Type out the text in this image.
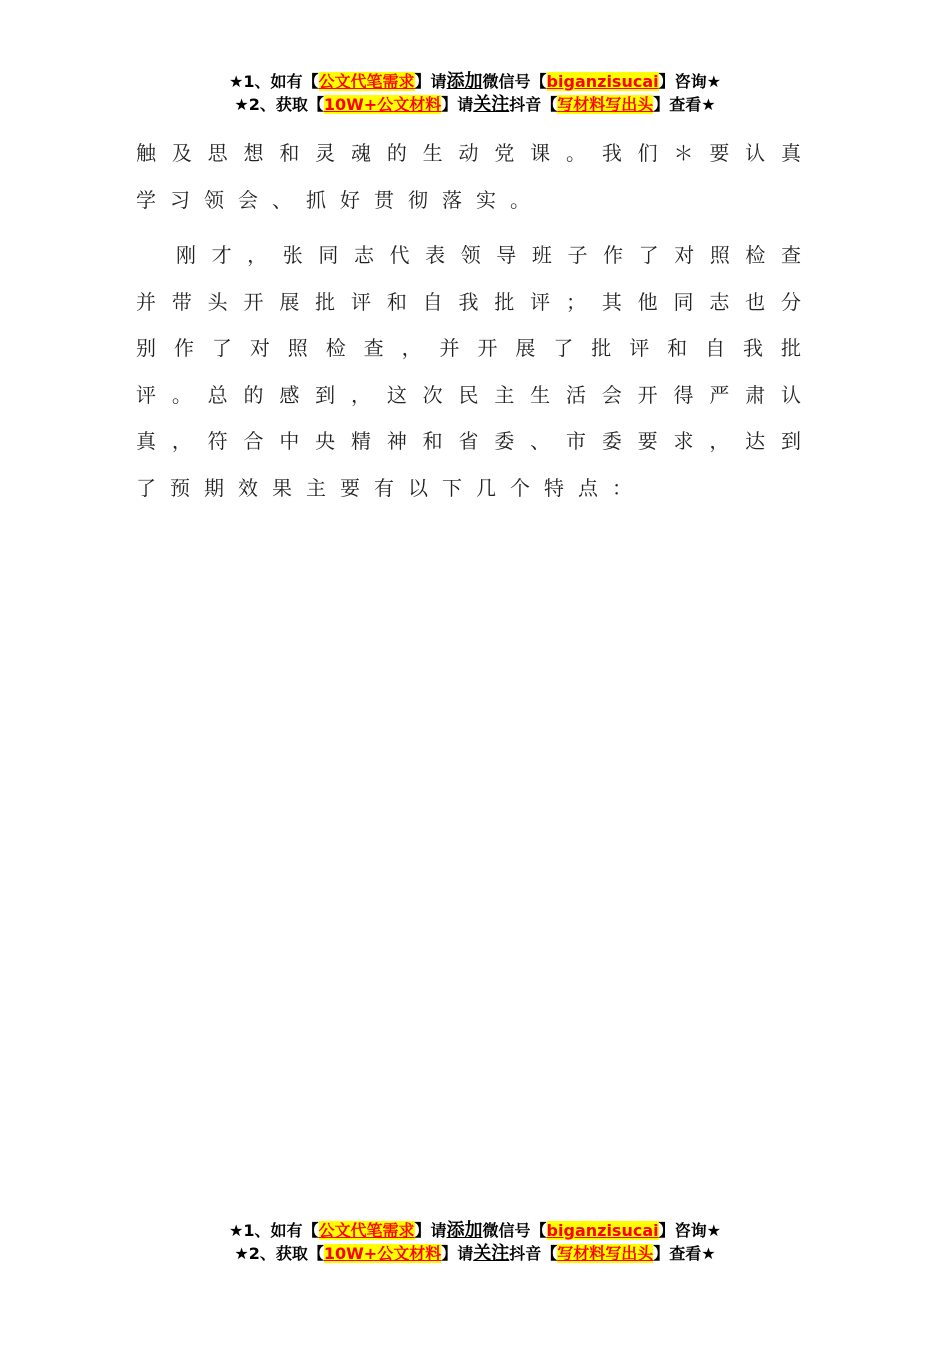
★1、如有【公文代笔需求】请添加微信号【biganzisucai】咨询★
★2、获取【10W+公文材料】请关注抖音【写材料写出头】查看★

触及思想和灵魂的生动党课。我们＊要认真学习领会、抓好贯彻落实。

刚才，张同志代表领导班子作了对照检查并带头开展批评和自我批评；其他同志也分别作了对照检查，并开展了批评和自我批评。总的感到，这次民主生活会开得严肃认真，符合中央精神和省委、市委要求，达到了预期效果主要有以下几个特点：

★1、如有【公文代笔需求】请添加微信号【biganzisucai】咨询★
★2、获取【10W+公文材料】请关注抖音【写材料写出头】查看★
